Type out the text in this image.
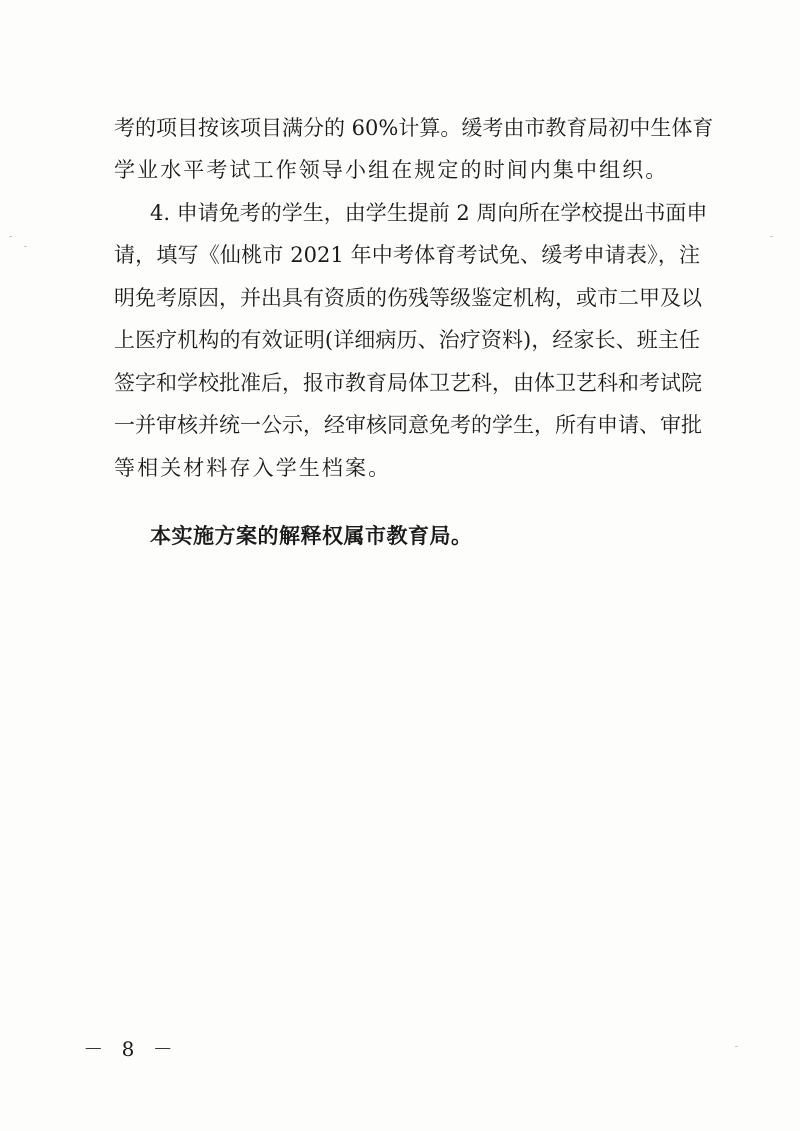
考的项目按该项目满分的 60%计算。缓考由市教育局初中生体育
学业水平考试工作领导小组在规定的时间内集中组织。
4. 申请免考的学生，由学生提前 2 周向所在学校提出书面申
请，填写《仙桃市 2021 年中考体育考试免、缓考申请表》，注
明免考原因，并出具有资质的伤残等级鉴定机构，或市二甲及以
上医疗机构的有效证明(详细病历、治疗资料)，经家长、班主任
签字和学校批准后，报市教育局体卫艺科，由体卫艺科和考试院
一并审核并统一公示，经审核同意免考的学生，所有申请、审批
等相关材料存入学生档案。
本实施方案的解释权属市教育局。
－ 8 －
